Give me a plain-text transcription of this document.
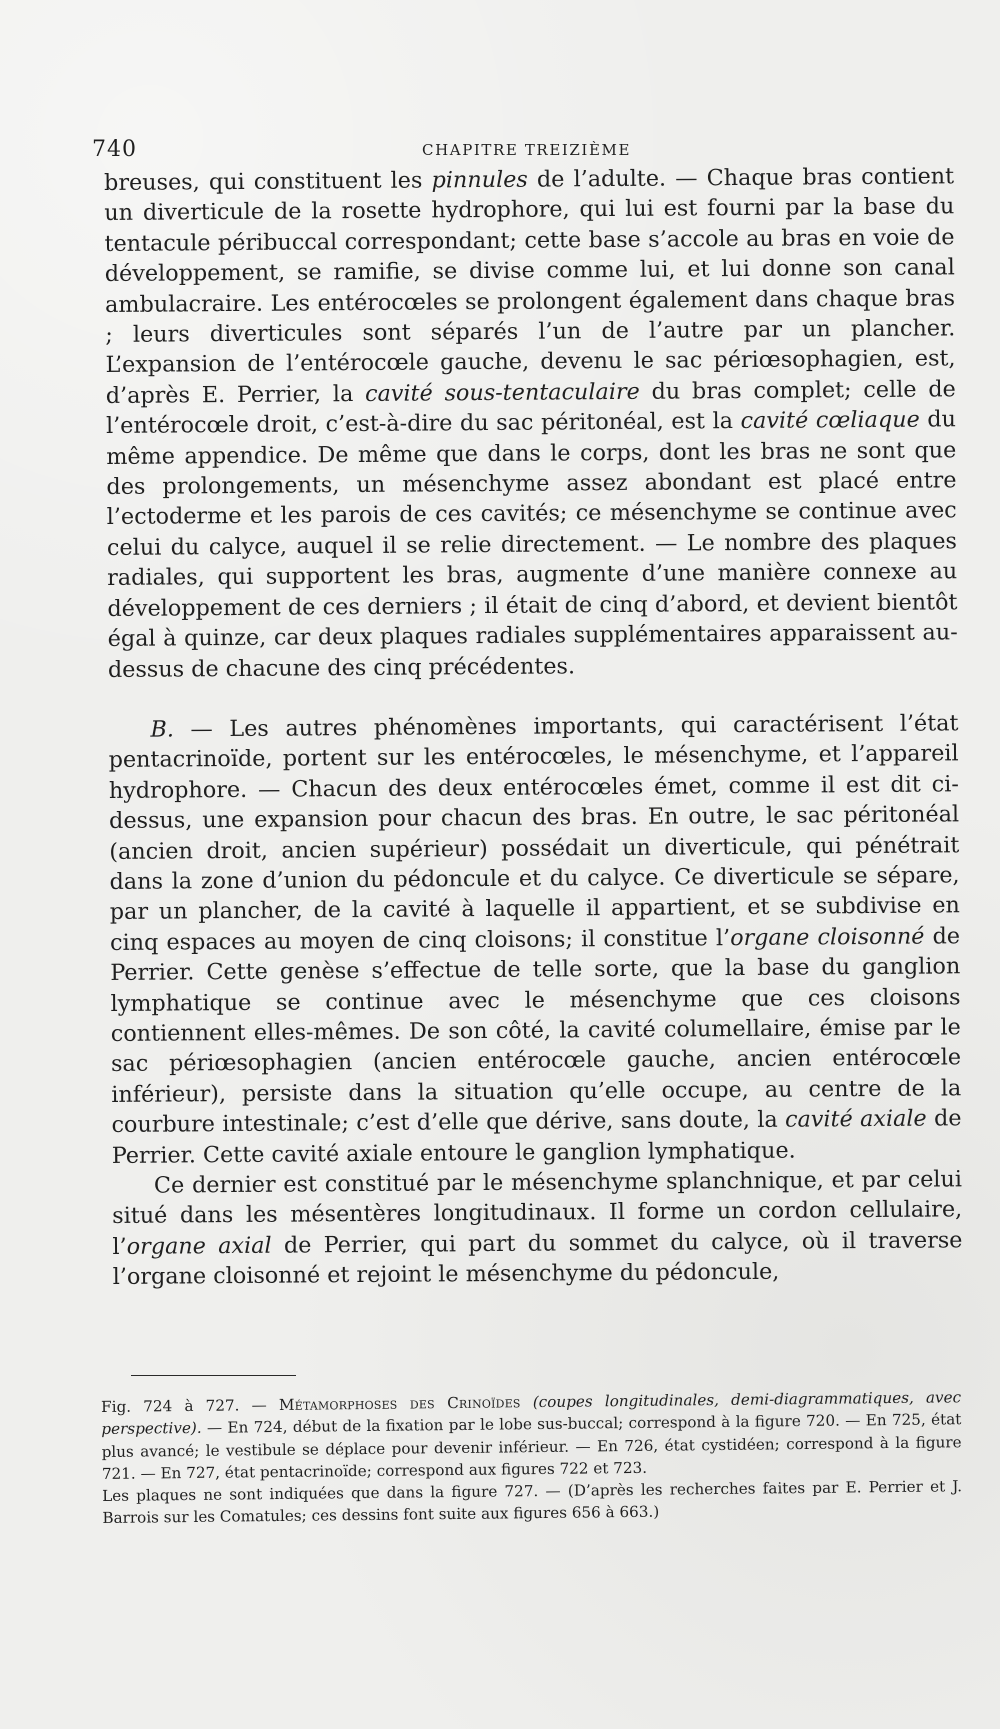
740	CHAPITRE TREIZIÈME

breuses, qui constituent les pinnules de l’adulte. — Chaque bras contient un diverticule de la rosette hydrophore, qui lui est fourni par la base du tentacule péribuccal correspondant; cette base s’accole au bras en voie de développement, se ramifie, se divise comme lui, et lui donne son canal ambulacraire. Les entérocœles se prolongent également dans chaque bras ; leurs diverticules sont séparés l’un de l’autre par un plancher. L’expansion de l’entérocœle gauche, devenu le sac périœsophagien, est, d’après E. Perrier, la cavité sous-tentaculaire du bras complet; celle de l’entérocœle droit, c’est-à-dire du sac péritonéal, est la cavité cœliaque du même appendice. De même que dans le corps, dont les bras ne sont que des prolongements, un mésenchyme assez abondant est placé entre l’ectoderme et les parois de ces cavités; ce mésenchyme se continue avec celui du calyce, auquel il se relie directement. — Le nombre des plaques radiales, qui supportent les bras, augmente d’une manière connexe au développement de ces derniers ; il était de cinq d’abord, et devient bientôt égal à quinze, car deux plaques radiales supplémentaires apparaissent au-dessus de chacune des cinq précédentes.

B. — Les autres phénomènes importants, qui caractérisent l’état pentacrinoïde, portent sur les entérocœles, le mésenchyme, et l’appareil hydrophore. — Chacun des deux entérocœles émet, comme il est dit ci-dessus, une expansion pour chacun des bras. En outre, le sac péritonéal (ancien droit, ancien supérieur) possédait un diverticule, qui pénétrait dans la zone d’union du pédoncule et du calyce. Ce diverticule se sépare, par un plancher, de la cavité à laquelle il appartient, et se subdivise en cinq espaces au moyen de cinq cloisons; il constitue l’organe cloisonné de Perrier. Cette genèse s’effectue de telle sorte, que la base du ganglion lymphatique se continue avec le mésenchyme que ces cloisons contiennent elles-mêmes. De son côté, la cavité columellaire, émise par le sac périœsophagien (ancien entérocœle gauche, ancien entérocœle inférieur), persiste dans la situation qu’elle occupe, au centre de la courbure intestinale; c’est d’elle que dérive, sans doute, la cavité axiale de Perrier. Cette cavité axiale entoure le ganglion lymphatique.

Ce dernier est constitué par le mésenchyme splanchnique, et par celui situé dans les mésentères longitudinaux. Il forme un cordon cellulaire, l’organe axial de Perrier, qui part du sommet du calyce, où il traverse l’organe cloisonné et rejoint le mésenchyme du pédoncule,

Fig. 724 à 727. — Métamorphoses des Crinoïdes (coupes longitudinales, demi-diagrammatiques, avec perspective). — En 724, début de la fixation par le lobe sus-buccal; correspond à la figure 720. — En 725, état plus avancé; le vestibule se déplace pour devenir inférieur. — En 726, état cystidéen; correspond à la figure 721. — En 727, état pentacrinoïde; correspond aux figures 722 et 723.

Les plaques ne sont indiquées que dans la figure 727. — (D’après les recherches faites par E. Perrier et J. Barrois sur les Comatules; ces dessins font suite aux figures 656 à 663.)
